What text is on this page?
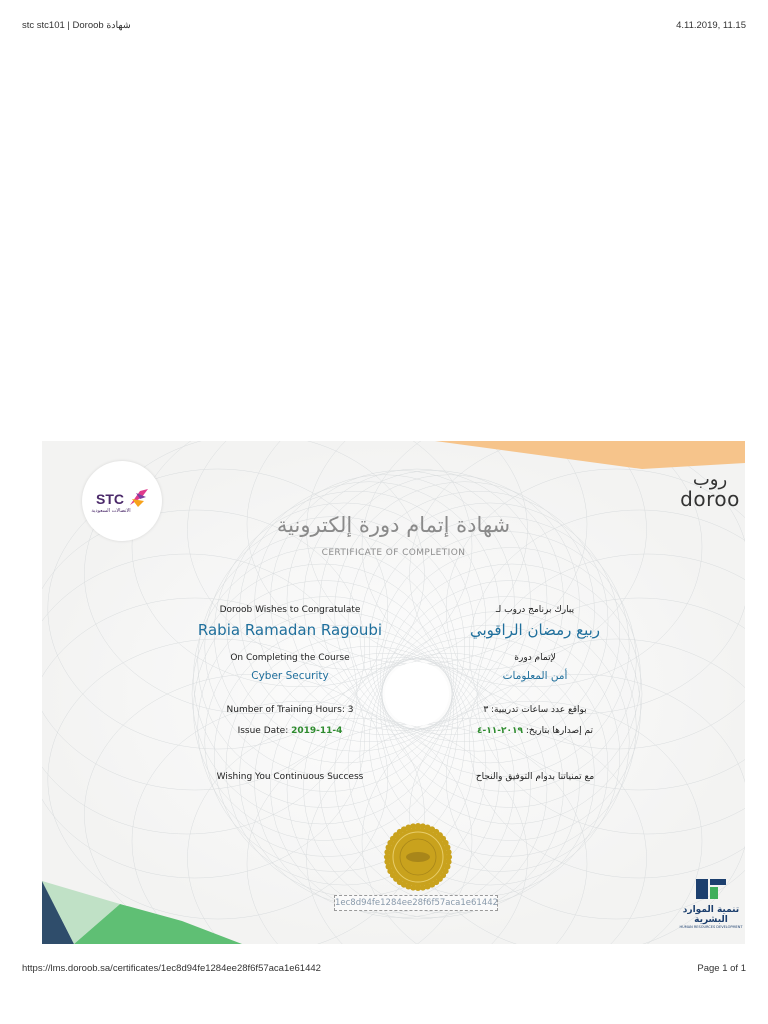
stc stc101 | Doroob شهادة	4.11.2019, 11.15
STC
الاتصالات السعودية
روب
doroo
شهادة إتمام دورة إلكترونية
CERTIFICATE OF COMPLETION
Doroob Wishes to Congratulate
Rabia Ramadan Ragoubi
On Completing the Course
Cyber Security
Number of Training Hours: 3
Issue Date: 2019-11-4
Wishing You Continuous Success
يبارك برنامج دروب لـ
ربيع رمضان الراقوبي
لإتمام دورة
أمن المعلومات
بواقع عدد ساعات تدريبية: ٣
تم إصدارها بتاريخ: ٢٠١٩-١١-٤
مع تمنياتنا بدوام التوفيق والنجاح
1ec8d94fe1284ee28f6f57aca1e61442
تنمية الموارد البشرية
HUMAN RESOURCES DEVELOPMENT
https://lms.doroob.sa/certificates/1ec8d94fe1284ee28f6f57aca1e61442	Page 1 of 1
